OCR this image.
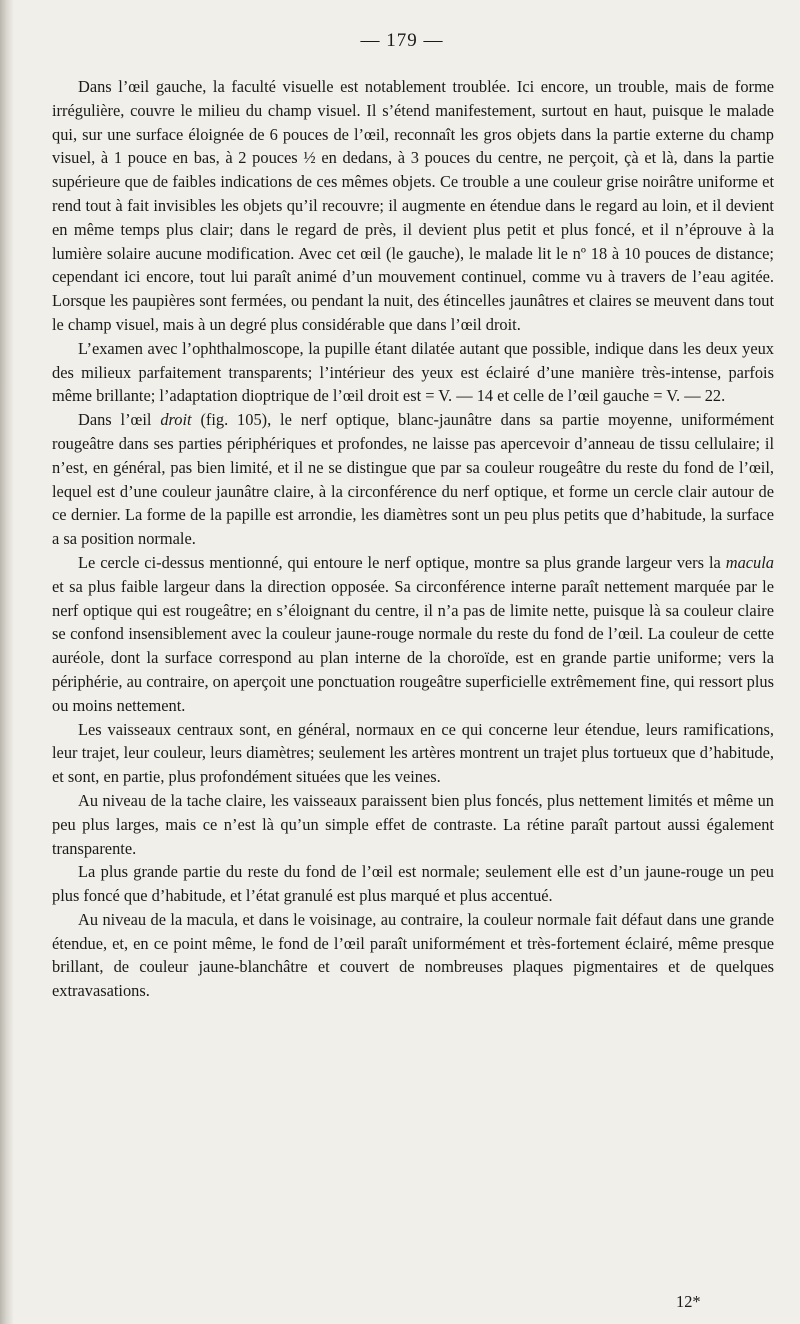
— 179 —

Dans l’œil gauche, la faculté visuelle est notablement troublée. Ici encore, un trouble, mais de forme irrégulière, couvre le milieu du champ visuel. Il s’étend manifestement, surtout en haut, puisque le malade qui, sur une surface éloignée de 6 pouces de l’œil, reconnaît les gros objets dans la partie externe du champ visuel, à 1 pouce en bas, à 2 pouces ½ en dedans, à 3 pouces du centre, ne perçoit, çà et là, dans la partie supérieure que de faibles indications de ces mêmes objets. Ce trouble a une couleur grise noirâtre uniforme et rend tout à fait invisibles les objets qu’il recouvre; il augmente en étendue dans le regard au loin, et il devient en même temps plus clair; dans le regard de près, il devient plus petit et plus foncé, et il n’éprouve à la lumière solaire aucune modification. Avec cet œil (le gauche), le malade lit le nº 18 à 10 pouces de distance; cependant ici encore, tout lui paraît animé d’un mouvement continuel, comme vu à travers de l’eau agitée. Lorsque les paupières sont fermées, ou pendant la nuit, des étincelles jaunâtres et claires se meuvent dans tout le champ visuel, mais à un degré plus considérable que dans l’œil droit.

L’examen avec l’ophthalmoscope, la pupille étant dilatée autant que possible, indique dans les deux yeux des milieux parfaitement transparents; l’intérieur des yeux est éclairé d’une manière très-intense, parfois même brillante; l’adaptation dioptrique de l’œil droit est = V. — 14 et celle de l’œil gauche = V. — 22.

Dans l’œil droit (fig. 105), le nerf optique, blanc-jaunâtre dans sa partie moyenne, uniformément rougeâtre dans ses parties périphériques et profondes, ne laisse pas apercevoir d’anneau de tissu cellulaire; il n’est, en général, pas bien limité, et il ne se distingue que par sa couleur rougeâtre du reste du fond de l’œil, lequel est d’une couleur jaunâtre claire, à la circonférence du nerf optique, et forme un cercle clair autour de ce dernier. La forme de la papille est arrondie, les diamètres sont un peu plus petits que d’habitude, la surface a sa position normale.

Le cercle ci-dessus mentionné, qui entoure le nerf optique, montre sa plus grande largeur vers la macula et sa plus faible largeur dans la direction opposée. Sa circonférence interne paraît nettement marquée par le nerf optique qui est rougeâtre; en s’éloignant du centre, il n’a pas de limite nette, puisque là sa couleur claire se confond insensiblement avec la couleur jaune-rouge normale du reste du fond de l’œil. La couleur de cette auréole, dont la surface correspond au plan interne de la choroïde, est en grande partie uniforme; vers la périphérie, au contraire, on aperçoit une ponctuation rougeâtre superficielle extrêmement fine, qui ressort plus ou moins nettement.

Les vaisseaux centraux sont, en général, normaux en ce qui concerne leur étendue, leurs ramifications, leur trajet, leur couleur, leurs diamètres; seulement les artères montrent un trajet plus tortueux que d’habitude, et sont, en partie, plus profondément situées que les veines.

Au niveau de la tache claire, les vaisseaux paraissent bien plus foncés, plus nettement limités et même un peu plus larges, mais ce n’est là qu’un simple effet de contraste. La rétine paraît partout aussi également transparente.

La plus grande partie du reste du fond de l’œil est normale; seulement elle est d’un jaune-rouge un peu plus foncé que d’habitude, et l’état granulé est plus marqué et plus accentué.

Au niveau de la macula, et dans le voisinage, au contraire, la couleur normale fait défaut dans une grande étendue, et, en ce point même, le fond de l’œil paraît uniformément et très-fortement éclairé, même presque brillant, de couleur jaune-blanchâtre et couvert de nombreuses plaques pigmentaires et de quelques extravasations.

12*
